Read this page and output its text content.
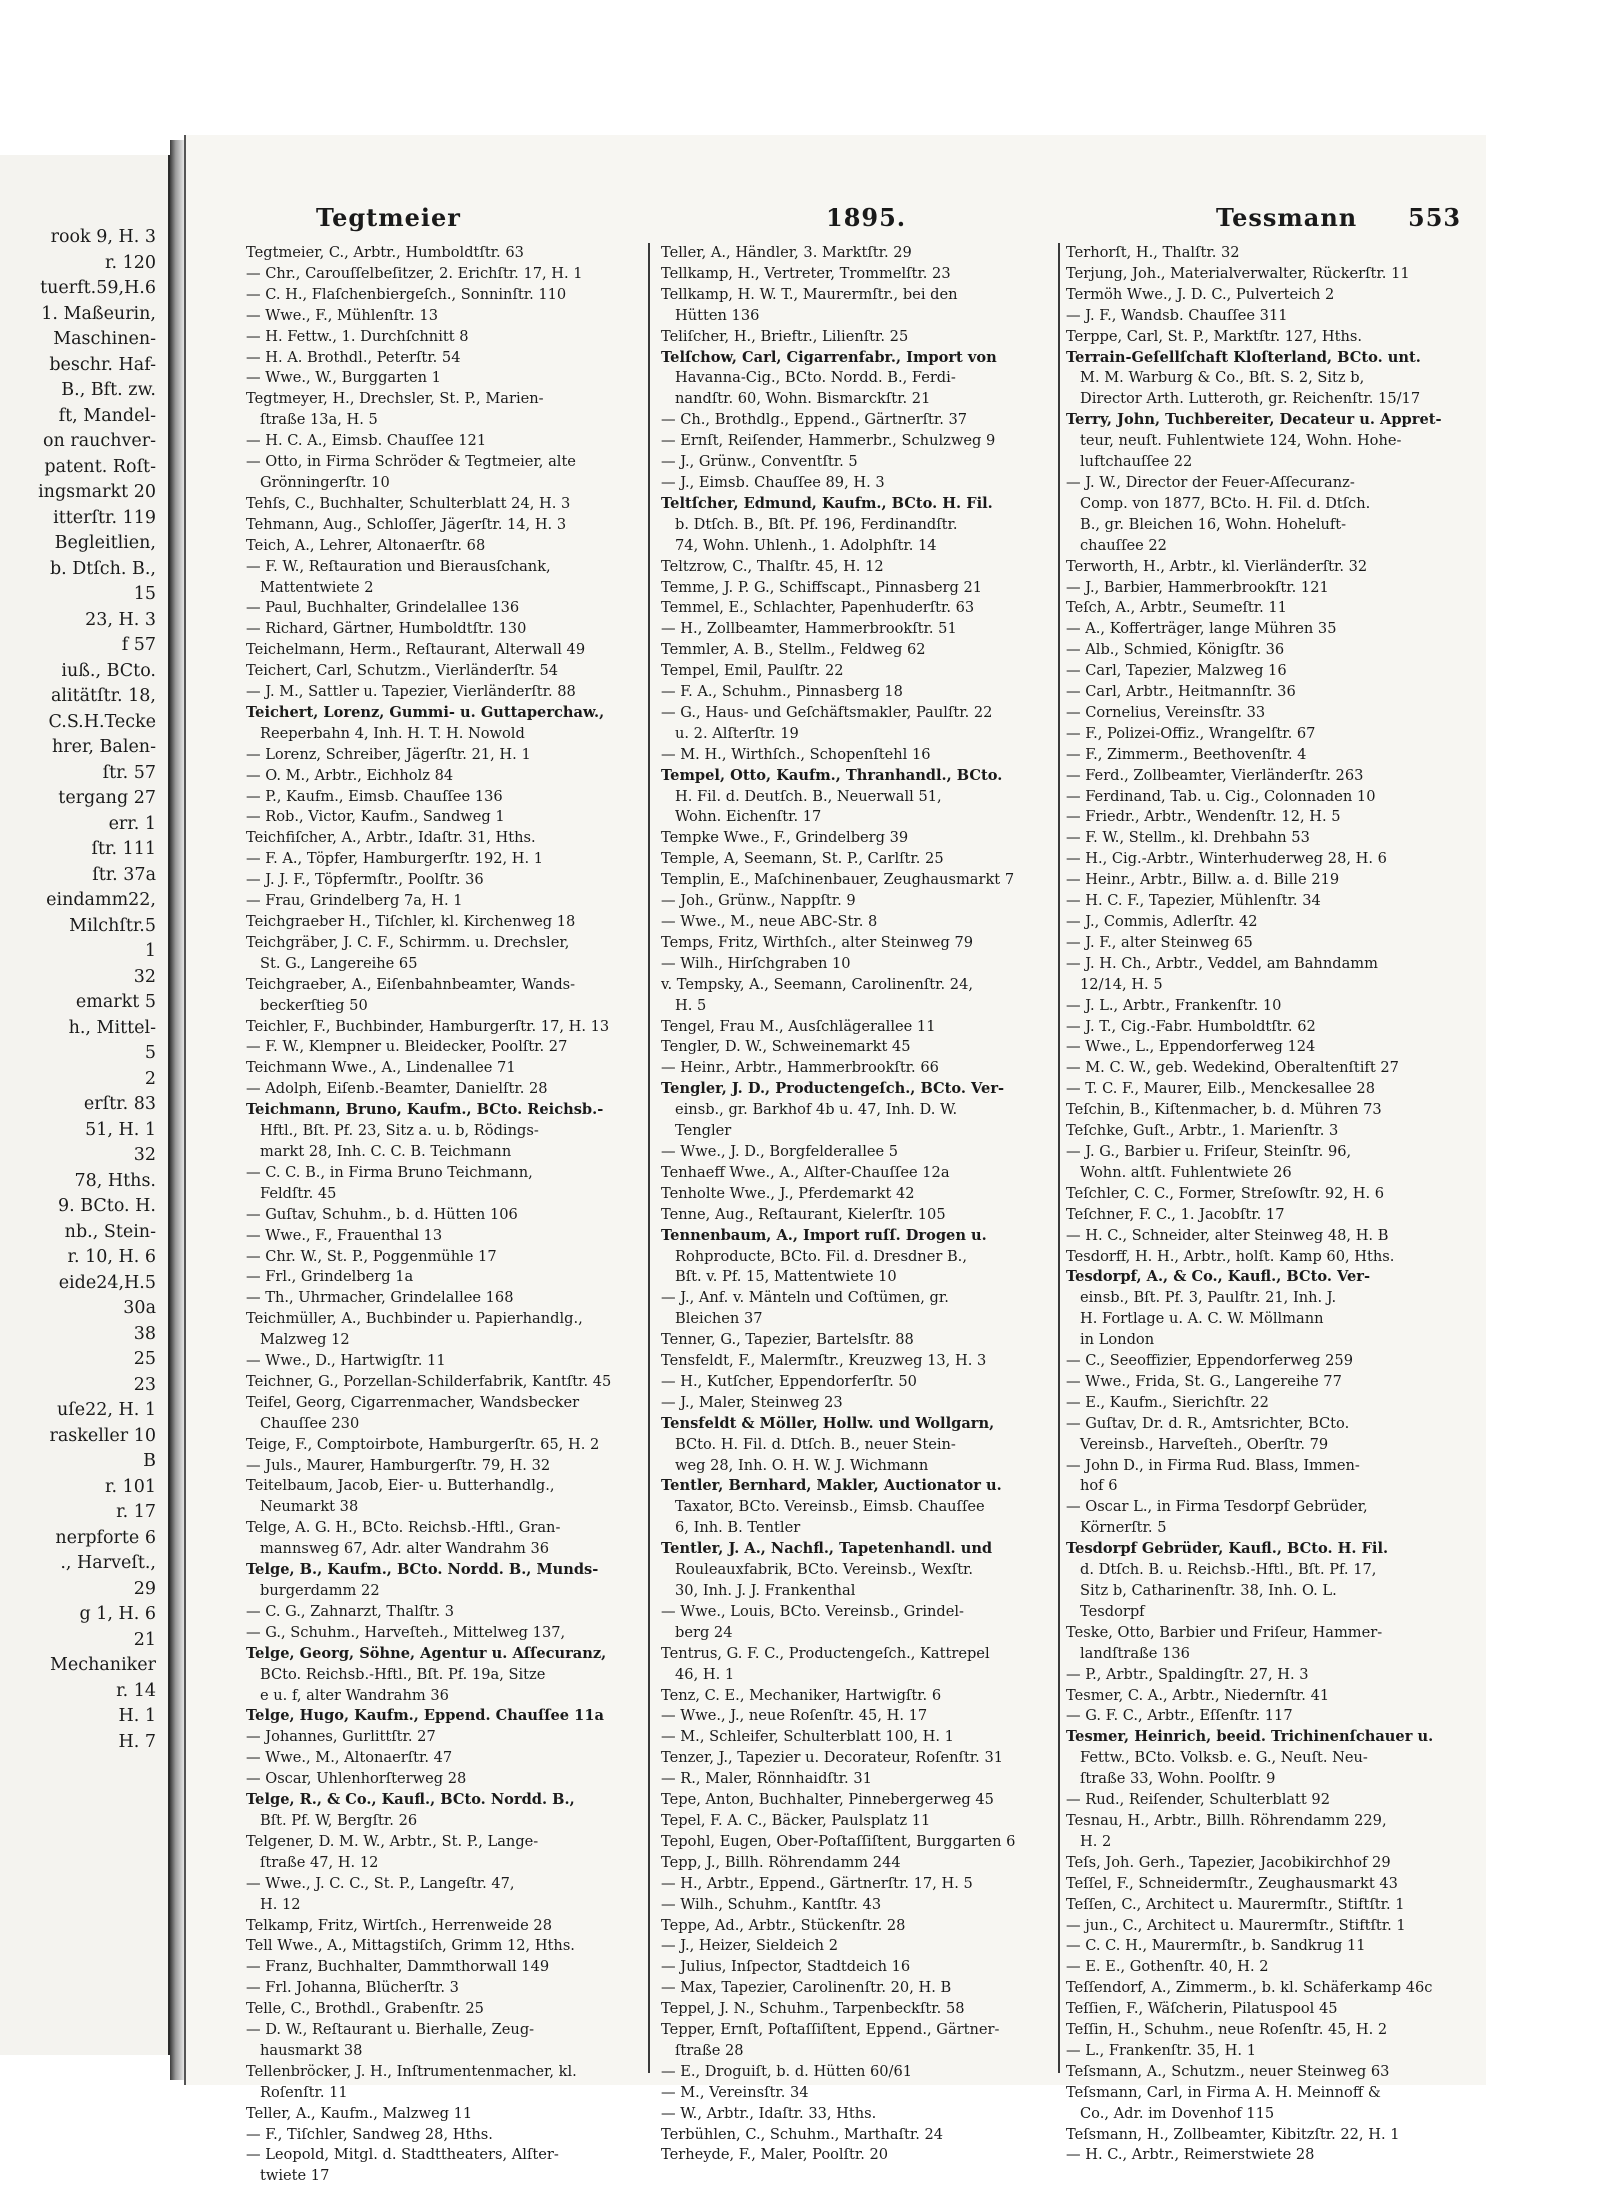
rook 9, H. 3
r. 120
tuerft.59,H.6
1. Maßeurin,
Maschinen-
beschr. Haf-
B., Bft. zw.
ft, Mandel-
on rauchver-
patent. Roſt-
ingsmarkt 20
itterſtr. 119
Begleitlien,
b. Dtſch. B.,
15
23, H. 3
f 57
iuß., BCto.
alitätſtr. 18,
C.S.H.Tecke
hrer, Balen-
ſtr. 57
tergang 27
err. 1
ſtr. 111
ſtr. 37a
eindamm22,
Milchſtr.5
1
32
emarkt 5
h., Mittel-
5
2
erſtr. 83
51, H. 1
32
78, Hths.
9. BCto. H.
nb., Stein-
r. 10, H. 6
eide24,H.5
30a
38
25
23
uſe22, H. 1
raskeller 10
B
r. 101
r. 17
nerpforte 6
., Harveſt.,
29
g 1, H. 6
21
Mechaniker
r. 14
H. 1
H. 7
Tegtmeier	1895.	Tessmann 553
Tegtmeier, C., Arbtr., Humboldtſtr. 63
— Chr., Carouſſelbeſitzer, 2. Erichſtr. 17, H. 1
— C. H., Flaſchenbiergeſch., Sonninſtr. 110
— Wwe., F., Mühlenſtr. 13
— H. Fettw., 1. Durchſchnitt 8
— H. A. Brothdl., Peterſtr. 54
— Wwe., W., Burggarten 1
Tegtmeyer, H., Drechsler, St. P., Marien-
ſtraße 13a, H. 5
— H. C. A., Eimsb. Chauſſee 121
— Otto, in Firma Schröder & Tegtmeier, alte
Grönningerſtr. 10
Tehſs, C., Buchhalter, Schulterblatt 24, H. 3
Tehmann, Aug., Schloſſer, Jägerſtr. 14, H. 3
Teich, A., Lehrer, Altonaerſtr. 68
— F. W., Reſtauration und Bierausſchank,
Mattentwiete 2
— Paul, Buchhalter, Grindelallee 136
— Richard, Gärtner, Humboldtſtr. 130
Teichelmann, Herm., Reſtaurant, Alterwall 49
Teichert, Carl, Schutzm., Vierländerſtr. 54
— J. M., Sattler u. Tapezier, Vierländerſtr. 88
Teichert, Lorenz, Gummi- u. Guttaperchaw.,
Reeperbahn 4, Inh. H. T. H. Nowold
— Lorenz, Schreiber, Jägerſtr. 21, H. 1
— O. M., Arbtr., Eichholz 84
— P., Kaufm., Eimsb. Chauſſee 136
— Rob., Victor, Kaufm., Sandweg 1
Teichfiſcher, A., Arbtr., Idaſtr. 31, Hths.
— F. A., Töpfer, Hamburgerſtr. 192, H. 1
— J. J. F., Töpfermſtr., Poolſtr. 36
— Frau, Grindelberg 7a, H. 1
Teichgraeber H., Tiſchler, kl. Kirchenweg 18
Teichgräber, J. C. F., Schirmm. u. Drechsler,
St. G., Langereihe 65
Teichgraeber, A., Eiſenbahnbeamter, Wands-
beckerſtieg 50
Teichler, F., Buchbinder, Hamburgerſtr. 17, H. 13
— F. W., Klempner u. Bleidecker, Poolſtr. 27
Teichmann Wwe., A., Lindenallee 71
— Adolph, Eiſenb.-Beamter, Danielſtr. 28
Teichmann, Bruno, Kaufm., BCto. Reichsb.-
Hftl., Bſt. Pf. 23, Sitz a. u. b, Rödings-
markt 28, Inh. C. C. B. Teichmann
— C. C. B., in Firma Bruno Teichmann,
Feldſtr. 45
— Guſtav, Schuhm., b. d. Hütten 106
— Wwe., F., Frauenthal 13
— Chr. W., St. P., Poggenmühle 17
— Frl., Grindelberg 1a
— Th., Uhrmacher, Grindelallee 168
Teichmüller, A., Buchbinder u. Papierhandlg.,
Malzweg 12
— Wwe., D., Hartwigſtr. 11
Teichner, G., Porzellan-Schilderfabrik, Kantſtr. 45
Teifel, Georg, Cigarrenmacher, Wandsbecker
Chauſſee 230
Teige, F., Comptoirbote, Hamburgerſtr. 65, H. 2
— Juls., Maurer, Hamburgerſtr. 79, H. 32
Teitelbaum, Jacob, Eier- u. Butterhandlg.,
Neumarkt 38
Telge, A. G. H., BCto. Reichsb.-Hftl., Gran-
mannsweg 67, Adr. alter Wandrahm 36
Telge, B., Kaufm., BCto. Nordd. B., Munds-
burgerdamm 22
— C. G., Zahnarzt, Thalſtr. 3
— G., Schuhm., Harveſteh., Mittelweg 137,
Telge, Georg, Söhne, Agentur u. Aſſecuranz,
BCto. Reichsb.-Hftl., Bſt. Pf. 19a, Sitze
e u. f, alter Wandrahm 36
Telge, Hugo, Kaufm., Eppend. Chauſſee 11a
— Johannes, Gurlittſtr. 27
— Wwe., M., Altonaerſtr. 47
— Oscar, Uhlenhorſterweg 28
Telge, R., & Co., Kaufl., BCto. Nordd. B.,
Bſt. Pf. W, Bergſtr. 26
Telgener, D. M. W., Arbtr., St. P., Lange-
ſtraße 47, H. 12
— Wwe., J. C. C., St. P., Langeſtr. 47,
H. 12
Telkamp, Fritz, Wirtſch., Herrenweide 28
Tell Wwe., A., Mittagstiſch, Grimm 12, Hths.
— Franz, Buchhalter, Dammthorwall 149
— Frl. Johanna, Blücherſtr. 3
Telle, C., Brothdl., Grabenſtr. 25
— D. W., Reſtaurant u. Bierhalle, Zeug-
hausmarkt 38
Tellenbröcker, J. H., Inſtrumentenmacher, kl.
Roſenſtr. 11
Teller, A., Kaufm., Malzweg 11
— F., Tiſchler, Sandweg 28, Hths.
— Leopold, Mitgl. d. Stadttheaters, Alſter-
twiete 17
Teller, A., Händler, 3. Marktſtr. 29
Tellkamp, H., Vertreter, Trommelſtr. 23
Tellkamp, H. W. T., Maurermſtr., bei den
Hütten 136
Teliſcher, H., Brieftr., Lilienſtr. 25
Telſchow, Carl, Cigarrenfabr., Import von
Havanna-Cig., BCto. Nordd. B., Ferdi-
nandſtr. 60, Wohn. Bismarckſtr. 21
— Ch., Brothdlg., Eppend., Gärtnerſtr. 37
— Ernſt, Reiſender, Hammerbr., Schulzweg 9
— J., Grünw., Conventſtr. 5
— J., Eimsb. Chauſſee 89, H. 3
Teltſcher, Edmund, Kaufm., BCto. H. Fil.
b. Dtſch. B., Bſt. Pf. 196, Ferdinandſtr.
74, Wohn. Uhlenh., 1. Adolphſtr. 14
Teltzrow, C., Thalſtr. 45, H. 12
Temme, J. P. G., Schiffscapt., Pinnasberg 21
Temmel, E., Schlachter, Papenhuderſtr. 63
— H., Zollbeamter, Hammerbrookſtr. 51
Temmler, A. B., Stellm., Feldweg 62
Tempel, Emil, Paulſtr. 22
— F. A., Schuhm., Pinnasberg 18
— G., Haus- und Geſchäftsmakler, Paulſtr. 22
u. 2. Alſterſtr. 19
— M. H., Wirthſch., Schopenſtehl 16
Tempel, Otto, Kaufm., Thranhandl., BCto.
H. Fil. d. Deutſch. B., Neuerwall 51,
Wohn. Eichenſtr. 17
Tempke Wwe., F., Grindelberg 39
Temple, A, Seemann, St. P., Carlſtr. 25
Templin, E., Maſchinenbauer, Zeughausmarkt 7
— Joh., Grünw., Nappſtr. 9
— Wwe., M., neue ABC-Str. 8
Temps, Fritz, Wirthſch., alter Steinweg 79
— Wilh., Hirſchgraben 10
v. Tempsky, A., Seemann, Carolinenſtr. 24,
H. 5
Tengel, Frau M., Ausſchlägerallee 11
Tengler, D. W., Schweinemarkt 45
— Heinr., Arbtr., Hammerbrookſtr. 66
Tengler, J. D., Productengeſch., BCto. Ver-
einsb., gr. Barkhof 4b u. 47, Inh. D. W.
Tengler
— Wwe., J. D., Borgfelderallee 5
Tenhaeff Wwe., A., Alſter-Chauſſee 12a
Tenholte Wwe., J., Pferdemarkt 42
Tenne, Aug., Reſtaurant, Kielerſtr. 105
Tennenbaum, A., Import ruſſ. Drogen u.
Rohproducte, BCto. Fil. d. Dresdner B.,
Bſt. v. Pf. 15, Mattentwiete 10
— J., Anf. v. Mänteln und Coſtümen, gr.
Bleichen 37
Tenner, G., Tapezier, Bartelsſtr. 88
Tensfeldt, F., Malermſtr., Kreuzweg 13, H. 3
— H., Kutſcher, Eppendorferſtr. 50
— J., Maler, Steinweg 23
Tensfeldt & Möller, Hollw. und Wollgarn,
BCto. H. Fil. d. Dtſch. B., neuer Stein-
weg 28, Inh. O. H. W. J. Wichmann
Tentler, Bernhard, Makler, Auctionator u.
Taxator, BCto. Vereinsb., Eimsb. Chauſſee
6, Inh. B. Tentler
Tentler, J. A., Nachfl., Tapetenhandl. und
Rouleauxfabrik, BCto. Vereinsb., Wexſtr.
30, Inh. J. J. Frankenthal
— Wwe., Louis, BCto. Vereinsb., Grindel-
berg 24
Tentrus, G. F. C., Productengeſch., Kattrepel
46, H. 1
Tenz, C. E., Mechaniker, Hartwigſtr. 6
— Wwe., J., neue Roſenſtr. 45, H. 17
— M., Schleifer, Schulterblatt 100, H. 1
Tenzer, J., Tapezier u. Decorateur, Roſenſtr. 31
— R., Maler, Rönnhaidſtr. 31
Tepe, Anton, Buchhalter, Pinnebergerweg 45
Tepel, F. A. C., Bäcker, Paulsplatz 11
Tepohl, Eugen, Ober-Poſtaſſiſtent, Burggarten 6
Tepp, J., Billh. Röhrendamm 244
— H., Arbtr., Eppend., Gärtnerſtr. 17, H. 5
— Wilh., Schuhm., Kantſtr. 43
Teppe, Ad., Arbtr., Stückenſtr. 28
— J., Heizer, Sieldeich 2
— Julius, Inſpector, Stadtdeich 16
— Max, Tapezier, Carolinenſtr. 20, H. B
Teppel, J. N., Schuhm., Tarpenbeckſtr. 58
Tepper, Ernſt, Poſtaſſiſtent, Eppend., Gärtner-
ſtraße 28
— E., Droguiſt, b. d. Hütten 60/61
— M., Vereinsſtr. 34
— W., Arbtr., Idaſtr. 33, Hths.
Terbühlen, C., Schuhm., Marthaſtr. 24
Terheyde, F., Maler, Poolſtr. 20
Terhorſt, H., Thalſtr. 32
Terjung, Joh., Materialverwalter, Rückerſtr. 11
Termöh Wwe., J. D. C., Pulverteich 2
— J. F., Wandsb. Chauſſee 311
Terppe, Carl, St. P., Marktſtr. 127, Hths.
Terrain-Geſellſchaft Kloſterland, BCto. unt.
M. M. Warburg & Co., Bſt. S. 2, Sitz b,
Director Arth. Lutteroth, gr. Reichenſtr. 15/17
Terry, John, Tuchbereiter, Decateur u. Appret-
teur, neuſt. Fuhlentwiete 124, Wohn. Hohe-
luftchauſſee 22
— J. W., Director der Feuer-Aſſecuranz-
Comp. von 1877, BCto. H. Fil. d. Dtſch.
B., gr. Bleichen 16, Wohn. Hoheluft-
chauſſee 22
Terworth, H., Arbtr., kl. Vierländerſtr. 32
— J., Barbier, Hammerbrookſtr. 121
Teſch, A., Arbtr., Seumeſtr. 11
— A., Kofferträger, lange Mühren 35
— Alb., Schmied, Königſtr. 36
— Carl, Tapezier, Malzweg 16
— Carl, Arbtr., Heitmannſtr. 36
— Cornelius, Vereinsſtr. 33
— F., Polizei-Offiz., Wrangelſtr. 67
— F., Zimmerm., Beethovenſtr. 4
— Ferd., Zollbeamter, Vierländerſtr. 263
— Ferdinand, Tab. u. Cig., Colonnaden 10
— Friedr., Arbtr., Wendenſtr. 12, H. 5
— F. W., Stellm., kl. Drehbahn 53
— H., Cig.-Arbtr., Winterhuderweg 28, H. 6
— Heinr., Arbtr., Billw. a. d. Bille 219
— H. C. F., Tapezier, Mühlenſtr. 34
— J., Commis, Adlerſtr. 42
— J. F., alter Steinweg 65
— J. H. Ch., Arbtr., Veddel, am Bahndamm
12/14, H. 5
— J. L., Arbtr., Frankenſtr. 10
— J. T., Cig.-Fabr. Humboldtſtr. 62
— Wwe., L., Eppendorferweg 124
— M. C. W., geb. Wedekind, Oberaltenſtift 27
— T. C. F., Maurer, Eilb., Menckesallee 28
Teſchin, B., Kiſtenmacher, b. d. Mühren 73
Teſchke, Guſt., Arbtr., 1. Marienſtr. 3
— J. G., Barbier u. Friſeur, Steinſtr. 96,
Wohn. altſt. Fuhlentwiete 26
Teſchler, C. C., Former, Streſowſtr. 92, H. 6
Teſchner, F. C., 1. Jacobſtr. 17
— H. C., Schneider, alter Steinweg 48, H. B
Tesdorff, H. H., Arbtr., holſt. Kamp 60, Hths.
Tesdorpf, A., & Co., Kaufl., BCto. Ver-
einsb., Bſt. Pf. 3, Paulſtr. 21, Inh. J.
H. Fortlage u. A. C. W. Möllmann
in London
— C., Seeoffizier, Eppendorferweg 259
— Wwe., Frida, St. G., Langereihe 77
— E., Kaufm., Sierichſtr. 22
— Guſtav, Dr. d. R., Amtsrichter, BCto.
Vereinsb., Harveſteh., Oberſtr. 79
— John D., in Firma Rud. Blass, Immen-
hof 6
— Oscar L., in Firma Tesdorpf Gebrüder,
Körnerſtr. 5
Tesdorpf Gebrüder, Kaufl., BCto. H. Fil.
d. Dtſch. B. u. Reichsb.-Hftl., Bſt. Pf. 17,
Sitz b, Catharinenſtr. 38, Inh. O. L.
Tesdorpf
Teske, Otto, Barbier und Friſeur, Hammer-
landſtraße 136
— P., Arbtr., Spaldingſtr. 27, H. 3
Tesmer, C. A., Arbtr., Niedernſtr. 41
— G. F. C., Arbtr., Eſſenſtr. 117
Tesmer, Heinrich, beeid. Trichinenſchauer u.
Fettw., BCto. Volksb. e. G., Neuſt. Neu-
ſtraße 33, Wohn. Poolſtr. 9
— Rud., Reiſender, Schulterblatt 92
Tesnau, H., Arbtr., Billh. Röhrendamm 229,
H. 2
Teſs, Joh. Gerh., Tapezier, Jacobikirchhof 29
Teſſel, F., Schneidermſtr., Zeughausmarkt 43
Teſſen, C., Architect u. Maurermſtr., Stiftſtr. 1
— jun., C., Architect u. Maurermſtr., Stiftſtr. 1
— C. C. H., Maurermſtr., b. Sandkrug 11
— E. E., Gothenſtr. 40, H. 2
Teſſendorf, A., Zimmerm., b. kl. Schäferkamp 46c
Teſſien, F., Wäſcherin, Pilatuspool 45
Teſſin, H., Schuhm., neue Roſenſtr. 45, H. 2
— L., Frankenſtr. 35, H. 1
Teſsmann, A., Schutzm., neuer Steinweg 63
Teſsmann, Carl, in Firma A. H. Meinnoff &
Co., Adr. im Dovenhof 115
Teſsmann, H., Zollbeamter, Kibitzſtr. 22, H. 1
— H. C., Arbtr., Reimerstwiete 28
